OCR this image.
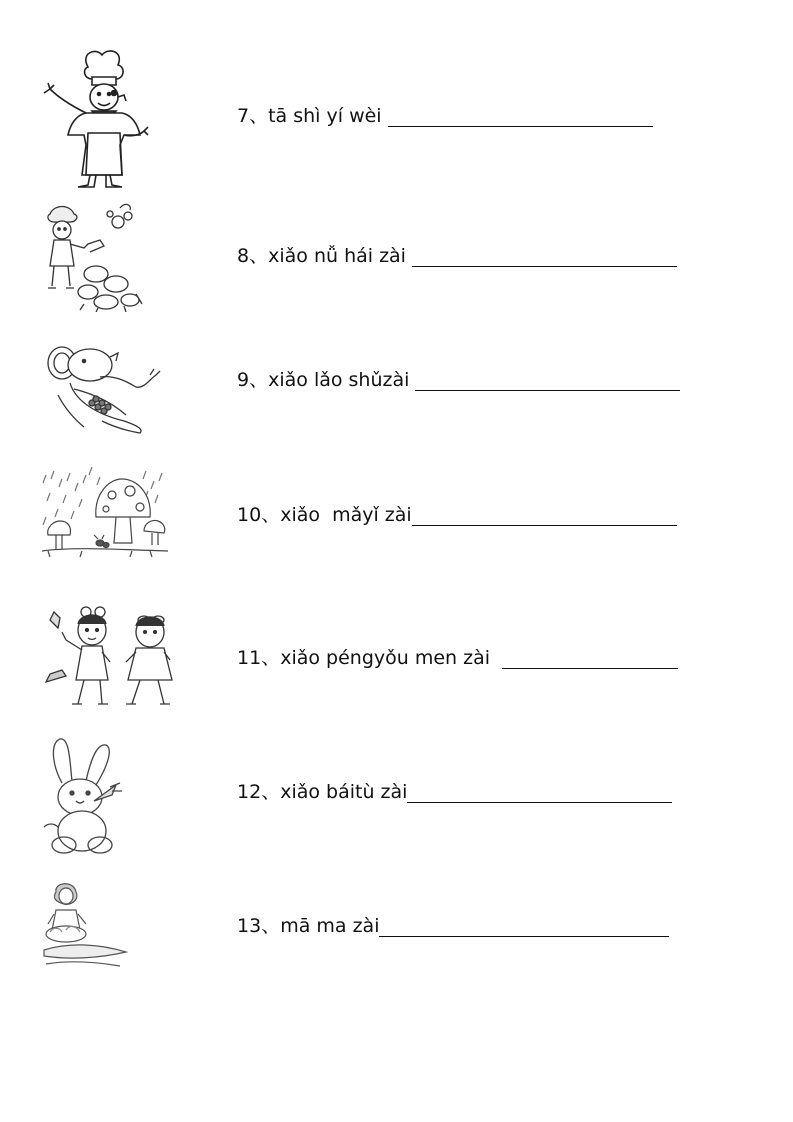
7 、 tā shì yí wèi
8 、 xiǎo nǚ hái zài
9 、 xiǎo lǎo shǔzài
10 、 xiǎo  mǎyǐ zài
11 、 xiǎo péngyǒu men zài
12 、 xiǎo báitù zài
13 、 mā ma zài
